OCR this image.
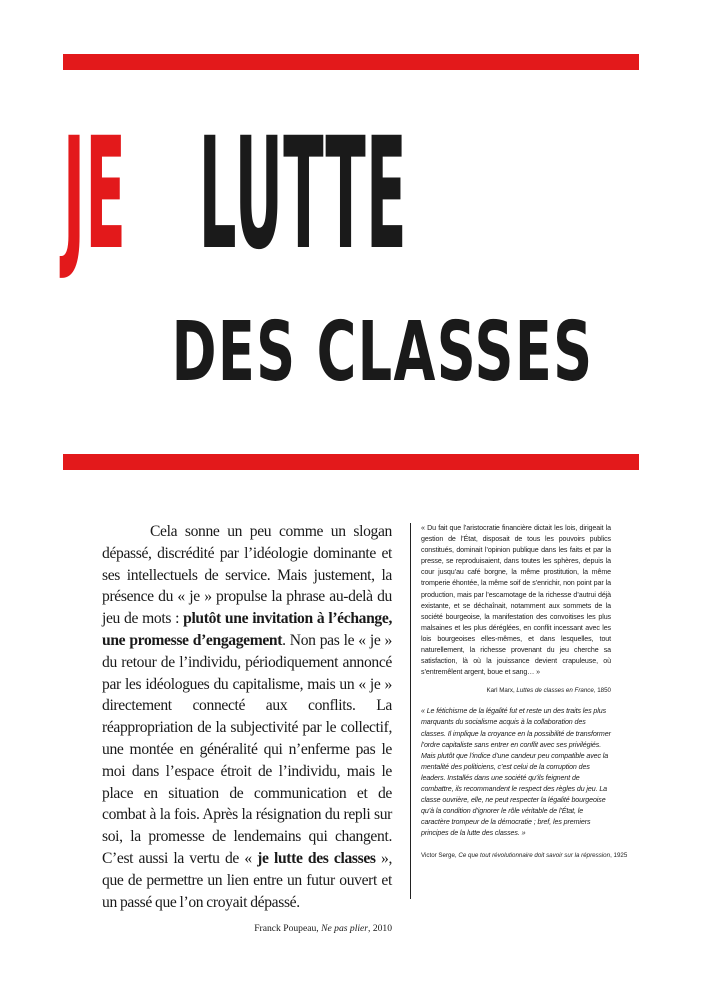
JE LUTTE
DES CLASSES

Cela sonne un peu comme un slogan dépassé, discrédité par l’idéologie dominante et ses intellectuels de service. Mais justement, la présence du « je » propulse la phrase au-delà du jeu de mots : plutôt une invitation à l’échange, une promesse d’engagement. Non pas le « je » du retour de l’individu, périodiquement annoncé par les idéologues du capitalisme, mais un « je » directement connecté aux conflits. La réappropriation de la subjectivité par le collectif, une montée en généralité qui n’enferme pas le moi dans l’espace étroit de l’individu, mais le place en situation de communication et de combat à la fois. Après la résignation du repli sur soi, la promesse de lendemains qui changent. C’est aussi la vertu de « je lutte des classes », que de permettre un lien entre un futur ouvert et un passé que l’on croyait dépassé.

Franck Poupeau, Ne pas plier, 2010

« Du fait que l’aristocratie financière dictait les lois, dirigeait la gestion de l’État, disposait de tous les pouvoirs publics constitués, dominait l’opinion publique dans les faits et par la presse, se reproduisaient, dans toutes les sphères, depuis la cour jusqu’au café borgne, la même prostitution, la même tromperie éhontée, la même soif de s’enrichir, non point par la production, mais par l’escamotage de la richesse d’autrui déjà existante, et se déchaînait, notamment aux sommets de la société bourgeoise, la manifestation des convoitises les plus malsaines et les plus déréglées, en conflit incessant avec les lois bourgeoises elles-mêmes, et dans lesquelles, tout naturellement, la richesse provenant du jeu cherche sa satisfaction, là où la jouissance devient crapuleuse, où s’entremêlent argent, boue et sang… »

Karl Marx, Luttes de classes en France, 1850

« Le fétichisme de la légalité fut et reste un des traits les plus marquants du socialisme acquis à la collaboration des classes. Il implique la croyance en la possibilité de transformer l’ordre capitaliste sans entrer en conflit avec ses privilégiés. Mais plutôt que l’indice d’une candeur peu compatible avec la mentalité des politiciens, c’est celui de la corruption des leaders. Installés dans une société qu’ils feignent de combattre, ils recommandent le respect des règles du jeu. La classe ouvrière, elle, ne peut respecter la légalité bourgeoise qu’à la condition d’ignorer le rôle véritable de l’État, le caractère trompeur de la démocratie ; bref, les premiers principes de la lutte des classes. »

Victor Serge, Ce que tout révolutionnaire doit savoir sur la répression, 1925
